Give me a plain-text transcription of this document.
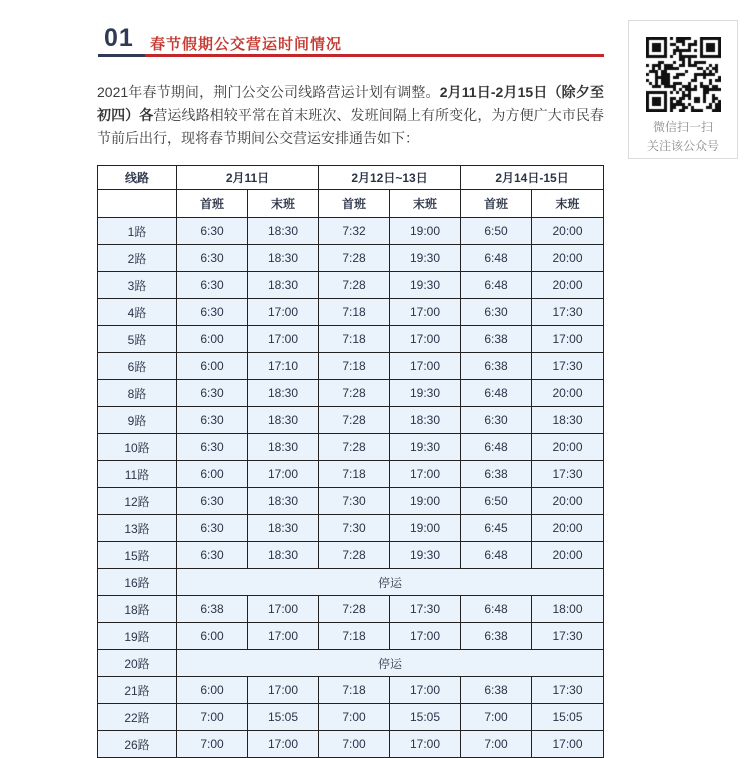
01 春节假期公交营运时间情况

2021年春节期间，荆门公交公司线路营运计划有调整。2月11日-2月15日（除夕至初四）各营运线路相较平常在首末班次、发班间隔上有所变化，为方便广大市民春节前后出行，现将春节期间公交营运安排通告如下：

线路	2月11日		2月12日~13日		2月14日-15日	
	首班	末班	首班	末班	首班	末班
1路	6:30	18:30	7:32	19:00	6:50	20:00
2路	6:30	18:30	7:28	19:30	6:48	20:00
3路	6:30	18:30	7:28	19:30	6:48	20:00
4路	6:30	17:00	7:18	17:00	6:30	17:30
5路	6:00	17:00	7:18	17:00	6:38	17:00
6路	6:00	17:10	7:18	17:00	6:38	17:30
8路	6:30	18:30	7:28	19:30	6:48	20:00
9路	6:30	18:30	7:28	18:30	6:30	18:30
10路	6:30	18:30	7:28	19:30	6:48	20:00
11路	6:00	17:00	7:18	17:00	6:38	17:30
12路	6:30	18:30	7:30	19:00	6:50	20:00
13路	6:30	18:30	7:30	19:00	6:45	20:00
15路	6:30	18:30	7:28	19:30	6:48	20:00
16路	停运					
18路	6:38	17:00	7:28	17:30	6:48	18:00
19路	6:00	17:00	7:18	17:00	6:38	17:30
20路	停运					
21路	6:00	17:00	7:18	17:00	6:38	17:30
22路	7:00	15:05	7:00	15:05	7:00	15:05
26路	7:00	17:00	7:00	17:00	7:00	17:00
微信扫一扫
关注该公众号
